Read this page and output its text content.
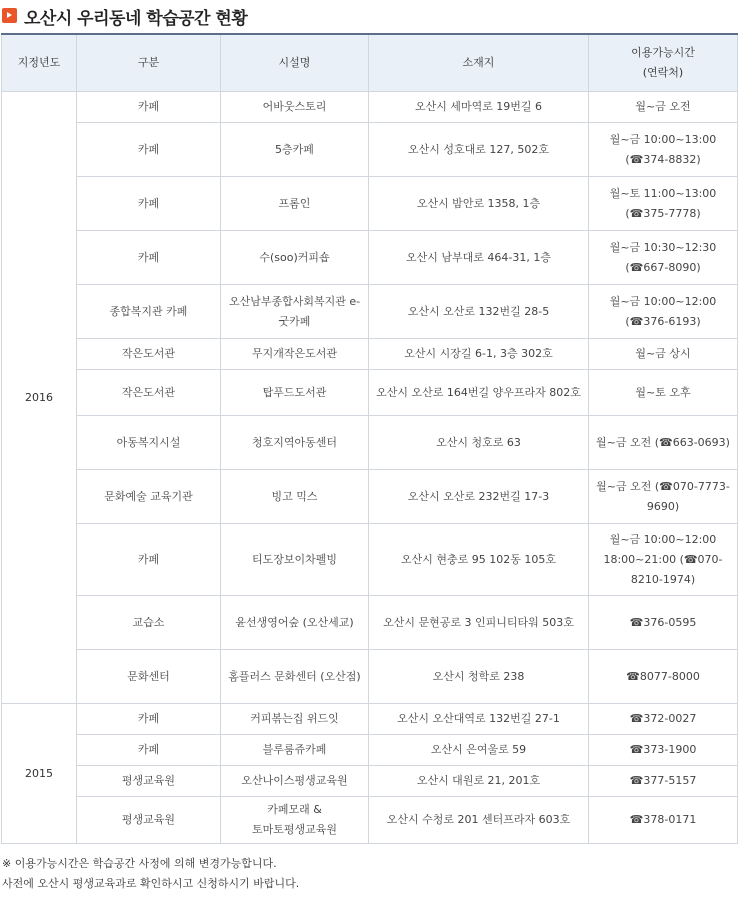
오산시 우리동네 학습공간 현황
지정년도	구분	시설명	소재지	이용가능시간
(연락처)
2016	카페	어바웃스토리	오산시 세마역로 19번길 6	월~금 오전
	카페	5층카페	오산시 성호대로 127, 502호	월~금 10:00~13:00 (☎374-8832)
	카페	프롬인	오산시 밤안로 1358, 1층	월~토 11:00~13:00 (☎375-7778)
	카페	수(soo)커피숍	오산시 남부대로 464-31, 1층	월~금 10:30~12:30 (☎667-8090)
	종합복지관 카페	오산남부종합사회복지관 e-굿카페	오산시 오산로 132번길 28-5	월~금 10:00~12:00 (☎376-6193)
	작은도서관	무지개작은도서관	오산시 시장길 6-1, 3층 302호	월~금 상시
	작은도서관	탑푸드도서관	오산시 오산로 164번길 양우프라자 802호	월~토 오후
	아동복지시설	청호지역아동센터	오산시 청호로 63	월~금 오전 (☎663-0693)
	문화예술 교육기관	빙고 믹스	오산시 오산로 232번길 17-3	월~금 오전 (☎070-7773-9690)
	카페	티도장보이차펠빙	오산시 현충로 95 102동 105호	월~금 10:00~12:00 18:00~21:00 (☎070-8210-1974)
	교습소	윤선생영어숲 (오산세교)	오산시 문현공로 3 인피니티타워 503호	☎376-0595
	문화센터	홈플러스 문화센터 (오산점)	오산시 청학로 238	☎8077-8000
2015	카페	커피볶는집 위드잇	오산시 오산대역로 132번길 27-1	☎372-0027
	카페	블루룸쥬카페	오산시 은여울로 59	☎373-1900
	평생교육원	오산나이스평생교육원	오산시 대원로 21, 201호	☎377-5157
	평생교육원	카페모래 & 토마토평생교육원	오산시 수청로 201 센터프라자 603호	☎378-0171
※ 이용가능시간은 학습공간 사정에 의해 변경가능합니다.
사전에 오산시 평생교육과로 확인하시고 신청하시기 바랍니다.
